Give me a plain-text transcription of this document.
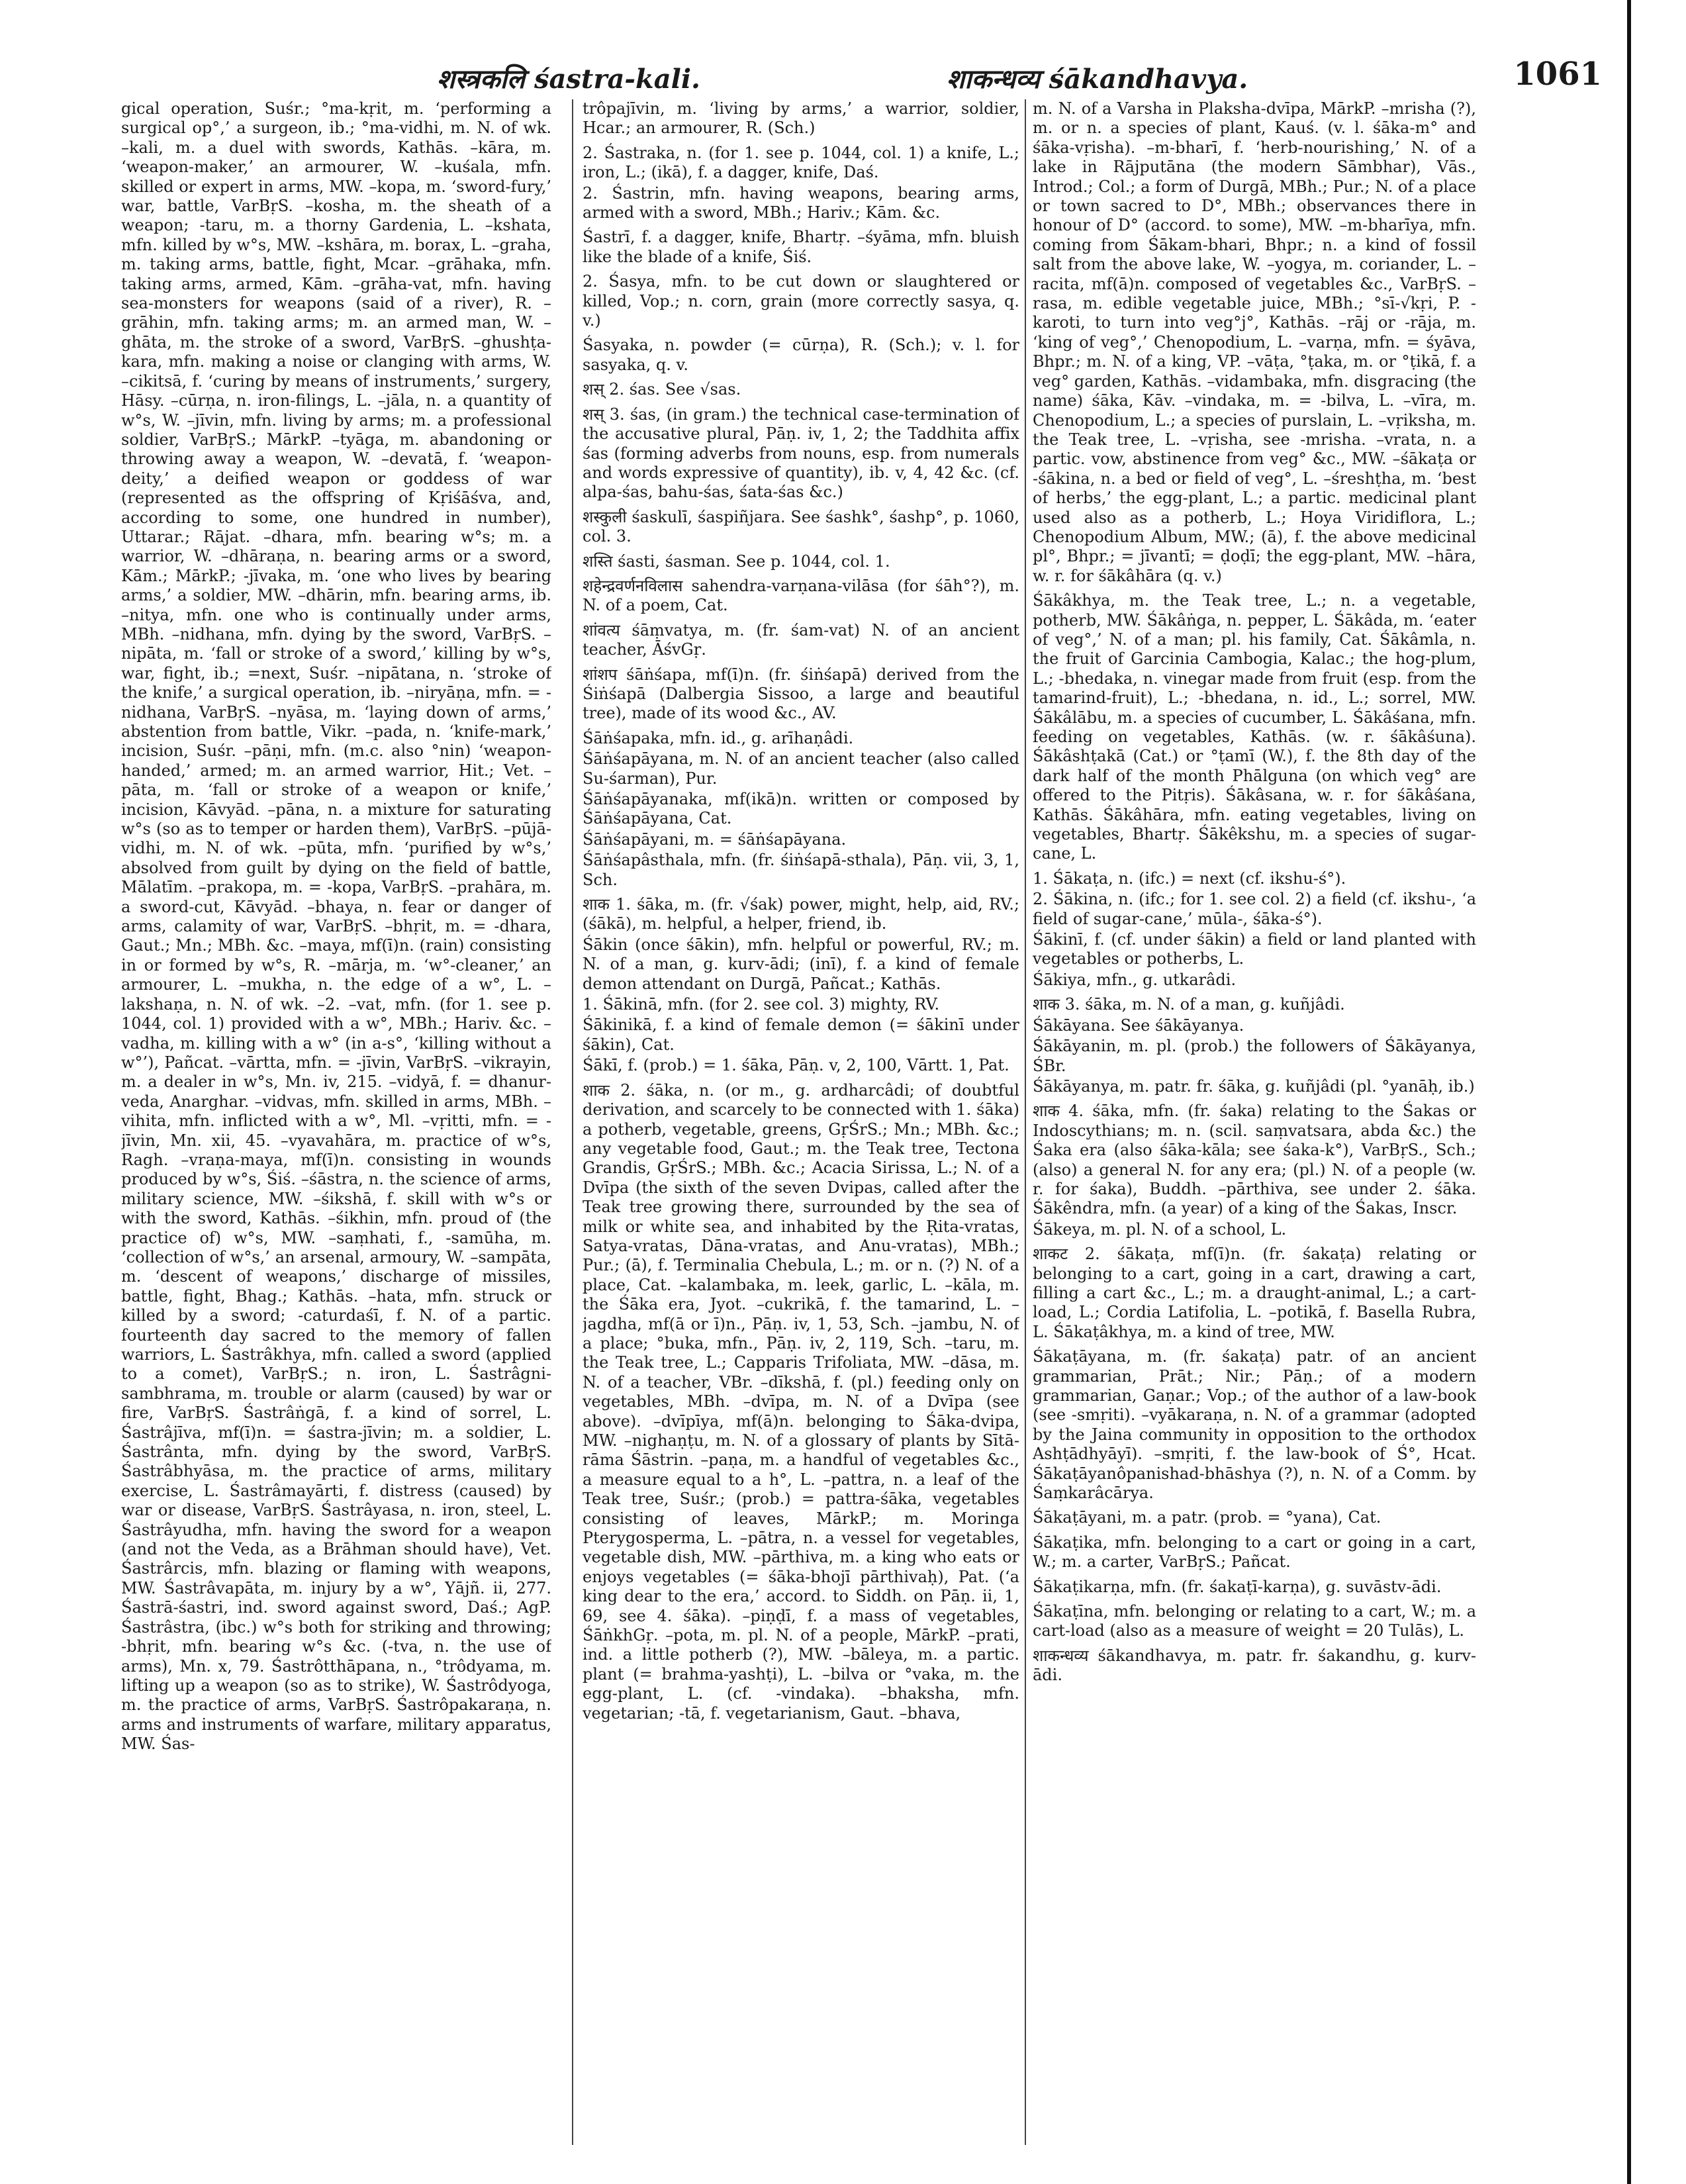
शस्त्रकलि śastra-kali.	शाकन्धव्य śākandhavya.	1061

gical operation, Suśr.; °ma-kṛit, m. ‘performing a surgical op°,’ a surgeon, ib.; °ma-vidhi, m. N. of wk. –kali, m. a duel with swords, Kathās. –kāra, m. ‘weapon-maker,’ an armourer, W. –kuśala, mfn. skilled or expert in arms, MW. –kopa, m. ‘sword-fury,’ war, battle, VarBṛS. –kosha, m. the sheath of a weapon; -taru, m. a thorny Gardenia, L. –kshata, mfn. killed by w°s, MW. –kshāra, m. borax, L. –graha, m. taking arms, battle, fight, Mcar. –grāhaka, mfn. taking arms, armed, Kām. –grāha-vat, mfn. having sea-monsters for weapons (said of a river), R. –grāhin, mfn. taking arms; m. an armed man, W. –ghāta, m. the stroke of a sword, VarBṛS. –ghushṭa-kara, mfn. making a noise or clanging with arms, W. –cikitsā, f. ‘curing by means of instruments,’ surgery, Hāsy. –cūrṇa, n. iron-filings, L. –jāla, n. a quantity of w°s, W. –jīvin, mfn. living by arms; m. a professional soldier, VarBṛS.; MārkP. –tyāga, m. abandoning or throwing away a weapon, W. –devatā, f. ‘weapon-deity,’ a deified weapon or goddess of war (represented as the offspring of Kṛiśāśva, and, according to some, one hundred in number), Uttarar.; Rājat. –dhara, mfn. bearing w°s; m. a warrior, W. –dhāraṇa, n. bearing arms or a sword, Kām.; MārkP.; -jīvaka, m. ‘one who lives by bearing arms,’ a soldier, MW. –dhārin, mfn. bearing arms, ib. –nitya, mfn. one who is continually under arms, MBh. –nidhana, mfn. dying by the sword, VarBṛS. –nipāta, m. ‘fall or stroke of a sword,’ killing by w°s, war, fight, ib.; =next, Suśr. –nipātana, n. ‘stroke of the knife,’ a surgical operation, ib. –niryāṇa, mfn. = -nidhana, VarBṛS. –nyāsa, m. ‘laying down of arms,’ abstention from battle, Vikr. –pada, n. ‘knife-mark,’ incision, Suśr. –pāṇi, mfn. (m.c. also °nin) ‘weapon-handed,’ armed; m. an armed warrior, Hit.; Vet. –pāta, m. ‘fall or stroke of a weapon or knife,’ incision, Kāvyād. –pāna, n. a mixture for saturating w°s (so as to temper or harden them), VarBṛS. –pūjā-vidhi, m. N. of wk. –pūta, mfn. ‘purified by w°s,’ absolved from guilt by dying on the field of battle, Mālatīm. –prakopa, m. = -kopa, VarBṛS. –prahāra, m. a sword-cut, Kāvyād. –bhaya, n. fear or danger of arms, calamity of war, VarBṛS. –bhṛit, m. = -dhara, Gaut.; Mn.; MBh. &c. –maya, mf(ī)n. (rain) consisting in or formed by w°s, R. –mārja, m. ‘w°-cleaner,’ an armourer, L. –mukha, n. the edge of a w°, L. –lakshaṇa, n. N. of wk. –2. –vat, mfn. (for 1. see p. 1044, col. 1) provided with a w°, MBh.; Hariv. &c. –vadha, m. killing with a w° (in a-s°, ‘killing without a w°’), Pañcat. –vārtta, mfn. = -jīvin, VarBṛS. –vikrayin, m. a dealer in w°s, Mn. iv, 215. –vidyā, f. = dhanur-veda, Anarghar. –vidvas, mfn. skilled in arms, MBh. –vihita, mfn. inflicted with a w°, Ml. –vṛitti, mfn. = -jīvin, Mn. xii, 45. –vyavahāra, m. practice of w°s, Ragh. –vraṇa-maya, mf(ī)n. consisting in wounds produced by w°s, Śiś. –śāstra, n. the science of arms, military science, MW. –śikshā, f. skill with w°s or with the sword, Kathās. –śikhin, mfn. proud of (the practice of) w°s, MW. –saṃhati, f., -samūha, m. ‘collection of w°s,’ an arsenal, armoury, W. –sampāta, m. ‘descent of weapons,’ discharge of missiles, battle, fight, Bhag.; Kathās. –hata, mfn. struck or killed by a sword; -caturdaśī, f. N. of a partic. fourteenth day sacred to the memory of fallen warriors, L. Śastrâkhya, mfn. called a sword (applied to a comet), VarBṛS.; n. iron, L. Śastrâgni-sambhrama, m. trouble or alarm (caused) by war or fire, VarBṛS. Śastrâṅgā, f. a kind of sorrel, L. Śastrâjīva, mf(ī)n. = śastra-jīvin; m. a soldier, L. Śastrânta, mfn. dying by the sword, VarBṛS. Śastrâbhyāsa, m. the practice of arms, military exercise, L. Śastrâmayārti, f. distress (caused) by war or disease, VarBṛS. Śastrâyasa, n. iron, steel, L. Śastrâyudha, mfn. having the sword for a weapon (and not the Veda, as a Brāhman should have), Vet. Śastrârcis, mfn. blazing or flaming with weapons, MW. Śastrâvapāta, m. injury by a w°, Yājñ. ii, 277. Śastrā-śastri, ind. sword against sword, Daś.; AgP. Śastrâstra, (ibc.) w°s both for striking and throwing; -bhṛit, mfn. bearing w°s &c. (-tva, n. the use of arms), Mn. x, 79. Śastrôtthāpana, n., °trôdyama, m. lifting up a weapon (so as to strike), W. Śastrôdyoga, m. the practice of arms, VarBṛS. Śastrôpakaraṇa, n. arms and instruments of warfare, military apparatus, MW. Śas-

trôpajīvin, m. ‘living by arms,’ a warrior, soldier, Hcar.; an armourer, R. (Sch.)

2. Śastraka, n. (for 1. see p. 1044, col. 1) a knife, L.; iron, L.; (ikā), f. a dagger, knife, Daś.

2. Śastrin, mfn. having weapons, bearing arms, armed with a sword, MBh.; Hariv.; Kām. &c.

Śastrī, f. a dagger, knife, Bhartṛ. –śyāma, mfn. bluish like the blade of a knife, Śiś.

2. Śasya, mfn. to be cut down or slaughtered or killed, Vop.; n. corn, grain (more correctly sasya, q. v.)

Śasyaka, n. powder (= cūrṇa), R. (Sch.); v. l. for sasyaka, q. v.

शस् 2. śas. See √sas.

शस् 3. śas, (in gram.) the technical case-termination of the accusative plural, Pāṇ. iv, 1, 2; the Taddhita affix śas (forming adverbs from nouns, esp. from numerals and words expressive of quantity), ib. v, 4, 42 &c. (cf. alpa-śas, bahu-śas, śata-śas &c.)

शस्कुली śaskulī, śaspiñjara. See śashk°, śashp°, p. 1060, col. 3.

शस्ति śasti, śasman. See p. 1044, col. 1.

शहेन्द्रवर्णनविलास sahendra-varṇana-vilāsa (for śāh°?), m. N. of a poem, Cat.

शांवत्य śāṃvatya, m. (fr. śam-vat) N. of an ancient teacher, ĀśvGṛ.

शांशप śāṅśapa, mf(ī)n. (fr. śiṅśapā) derived from the Śiṅśapā (Dalbergia Sissoo, a large and beautiful tree), made of its wood &c., AV.

Śāṅśapaka, mfn. id., g. arīhaṇâdi.

Śāṅśapāyana, m. N. of an ancient teacher (also called Su-śarman), Pur.

Śāṅśapāyanaka, mf(ikā)n. written or composed by Śāṅśapāyana, Cat.

Śāṅśapāyani, m. = śāṅśapāyana.

Śāṅśapâsthala, mfn. (fr. śiṅśapā-sthala), Pāṇ. vii, 3, 1, Sch.

शाक 1. śāka, m. (fr. √śak) power, might, help, aid, RV.; (śākā), m. helpful, a helper, friend, ib.

Śākin (once śākin), mfn. helpful or powerful, RV.; m. N. of a man, g. kurv-ādi; (inī), f. a kind of female demon attendant on Durgā, Pañcat.; Kathās.

1. Śākinā, mfn. (for 2. see col. 3) mighty, RV.

Śākinikā, f. a kind of female demon (= śākinī under śākin), Cat.

Śākī, f. (prob.) = 1. śāka, Pāṇ. v, 2, 100, Vārtt. 1, Pat.

शाक 2. śāka, n. (or m., g. ardharcâdi; of doubtful derivation, and scarcely to be connected with 1. śāka) a potherb, vegetable, greens, GṛŚrS.; Mn.; MBh. &c.; any vegetable food, Gaut.; m. the Teak tree, Tectona Grandis, GṛŚrS.; MBh. &c.; Acacia Sirissa, L.; N. of a Dvīpa (the sixth of the seven Dvipas, called after the Teak tree growing there, surrounded by the sea of milk or white sea, and inhabited by the Ṛita-vratas, Satya-vratas, Dāna-vratas, and Anu-vratas), MBh.; Pur.; (ā), f. Terminalia Chebula, L.; m. or n. (?) N. of a place, Cat. –kalambaka, m. leek, garlic, L. –kāla, m. the Śāka era, Jyot. –cukrikā, f. the tamarind, L. –jagdha, mf(ā or ī)n., Pāṇ. iv, 1, 53, Sch. –jambu, N. of a place; °buka, mfn., Pāṇ. iv, 2, 119, Sch. –taru, m. the Teak tree, L.; Capparis Trifoliata, MW. –dāsa, m. N. of a teacher, VBr. –dīkshā, f. (pl.) feeding only on vegetables, MBh. –dvīpa, m. N. of a Dvīpa (see above). –dvīpīya, mf(ā)n. belonging to Śāka-dvipa, MW. –nighaṇṭu, m. N. of a glossary of plants by Sītā-rāma Śāstrin. –paṇa, m. a handful of vegetables &c., a measure equal to a h°, L. –pattra, n. a leaf of the Teak tree, Suśr.; (prob.) = pattra-śāka, vegetables consisting of leaves, MārkP.; m. Moringa Pterygosperma, L. –pātra, n. a vessel for vegetables, vegetable dish, MW. –pārthiva, m. a king who eats or enjoys vegetables (= śāka-bhojī pārthivaḥ), Pat. (‘a king dear to the era,’ accord. to Siddh. on Pāṇ. ii, 1, 69, see 4. śāka). –piṇḍī, f. a mass of vegetables, ŚāṅkhGṛ. –pota, m. pl. N. of a people, MārkP. –prati, ind. a little potherb (?), MW. –bāleya, m. a partic. plant (= brahma-yashṭi), L. –bilva or °vaka, m. the egg-plant, L. (cf. -vindaka). –bhaksha, mfn. vegetarian; -tā, f. vegetarianism, Gaut. –bhava,

m. N. of a Varsha in Plaksha-dvīpa, MārkP. –mrisha (?), m. or n. a species of plant, Kauś. (v. l. śāka-m° and śāka-vṛisha). –m-bharī, f. ‘herb-nourishing,’ N. of a lake in Rājputāna (the modern Sāmbhar), Vās., Introd.; Col.; a form of Durgā, MBh.; Pur.; N. of a place or town sacred to D°, MBh.; observances there in honour of D° (accord. to some), MW. –m-bharīya, mfn. coming from Śākam-bhari, Bhpr.; n. a kind of fossil salt from the above lake, W. –yogya, m. coriander, L. –racita, mf(ā)n. composed of vegetables &c., VarBṛS. –rasa, m. edible vegetable juice, MBh.; °sī-√kṛi, P. -karoti, to turn into veg°j°, Kathās. –rāj or -rāja, m. ‘king of veg°,’ Chenopodium, L. –varṇa, mfn. = śyāva, Bhpr.; m. N. of a king, VP. –vāṭa, °ṭaka, m. or °ṭikā, f. a veg° garden, Kathās. –vidambaka, mfn. disgracing (the name) śāka, Kāv. –vindaka, m. = -bilva, L. –vīra, m. Chenopodium, L.; a species of purslain, L. –vṛiksha, m. the Teak tree, L. –vṛisha, see -mrisha. –vrata, n. a partic. vow, abstinence from veg° &c., MW. –śākaṭa or -śākina, n. a bed or field of veg°, L. –śreshṭha, m. ‘best of herbs,’ the egg-plant, L.; a partic. medicinal plant used also as a potherb, L.; Hoya Viridiflora, L.; Chenopodium Album, MW.; (ā), f. the above medicinal pl°, Bhpr.; = jīvantī; = ḍoḍī; the egg-plant, MW. –hāra, w. r. for śākâhāra (q. v.)

Śākâkhya, m. the Teak tree, L.; n. a vegetable, potherb, MW. Śākâṅga, n. pepper, L. Śākâda, m. ‘eater of veg°,’ N. of a man; pl. his family, Cat. Śākâmla, n. the fruit of Garcinia Cambogia, Kalac.; the hog-plum, L.; -bhedaka, n. vinegar made from fruit (esp. from the tamarind-fruit), L.; -bhedana, n. id., L.; sorrel, MW. Śākâlābu, m. a species of cucumber, L. Śākâśana, mfn. feeding on vegetables, Kathās. (w. r. śākâśuna). Śākâshṭakā (Cat.) or °ṭamī (W.), f. the 8th day of the dark half of the month Phālguna (on which veg° are offered to the Pitṛis). Śākâsana, w. r. for śākâśana, Kathās. Śākâhāra, mfn. eating vegetables, living on vegetables, Bhartṛ. Śākêkshu, m. a species of sugar-cane, L.

1. Śākaṭa, n. (ifc.) = next (cf. ikshu-ś°).

2. Śākina, n. (ifc.; for 1. see col. 2) a field (cf. ikshu-, ‘a field of sugar-cane,’ mūla-, śāka-ś°).

Śākinī, f. (cf. under śākin) a field or land planted with vegetables or potherbs, L.

Śākiya, mfn., g. utkarâdi.

शाक 3. śāka, m. N. of a man, g. kuñjâdi.

Śākāyana. See śākāyanya.

Śākāyanin, m. pl. (prob.) the followers of Śākāyanya, ŚBr.

Śākāyanya, m. patr. fr. śāka, g. kuñjâdi (pl. °yanāḥ, ib.)

शाक 4. śāka, mfn. (fr. śaka) relating to the Śakas or Indoscythians; m. n. (scil. saṃvatsara, abda &c.) the Śaka era (also śāka-kāla; see śaka-k°), VarBṛS., Sch.; (also) a general N. for any era; (pl.) N. of a people (w. r. for śaka), Buddh. –pārthiva, see under 2. śāka. Śākêndra, mfn. (a year) of a king of the Śakas, Inscr.

Śākeya, m. pl. N. of a school, L.

शाकट 2. śākaṭa, mf(ī)n. (fr. śakaṭa) relating or belonging to a cart, going in a cart, drawing a cart, filling a cart &c., L.; m. a draught-animal, L.; a cart-load, L.; Cordia Latifolia, L. –potikā, f. Basella Rubra, L. Śākaṭâkhya, m. a kind of tree, MW.

Śākaṭāyana, m. (fr. śakaṭa) patr. of an ancient grammarian, Prāt.; Nir.; Pāṇ.; of a modern grammarian, Gaṇar.; Vop.; of the author of a law-book (see -smṛiti). –vyākaraṇa, n. N. of a grammar (adopted by the Jaina community in opposition to the orthodox Ashṭādhyāyī). –smṛiti, f. the law-book of Ś°, Hcat. Śākaṭāyanôpanishad-bhāshya (?), n. N. of a Comm. by Śaṃkarâcārya.

Śākaṭāyani, m. a patr. (prob. = °yana), Cat.

Śākaṭika, mfn. belonging to a cart or going in a cart, W.; m. a carter, VarBṛS.; Pañcat.

Śākaṭikarṇa, mfn. (fr. śakaṭī-karṇa), g. suvāstv-ādi.

Śākaṭīna, mfn. belonging or relating to a cart, W.; m. a cart-load (also as a measure of weight = 20 Tulās), L.

शाकन्धव्य śākandhavya, m. patr. fr. śakandhu, g. kurv-ādi.
